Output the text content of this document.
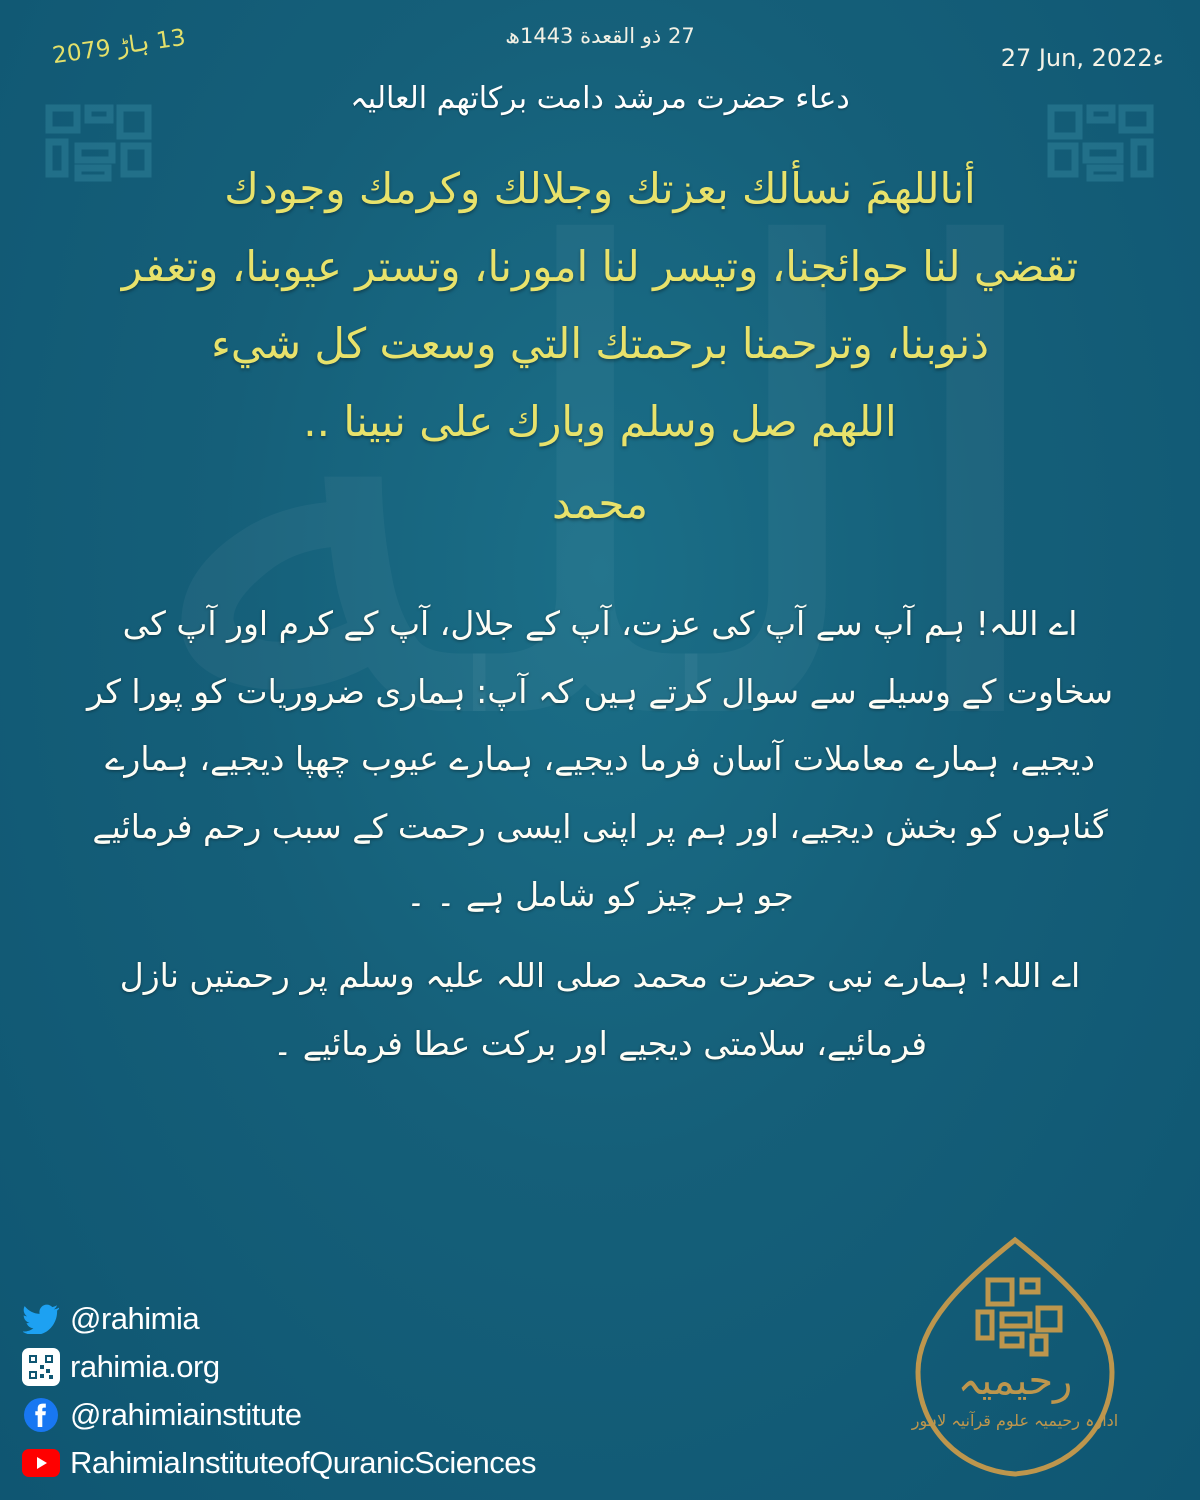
27 ذو القعدة 1443ھ
27 Jun, 2022ء
13 ہاڑ 2079
دعاء حضرت مرشد دامت بركاتهم العالیہ
أن‏اللهمَ نسألك بعزتك وجلالك وكرمك وجودك‏
تقضي لنا حوائجنا، وتيسر لنا امورنا، وتستر عيوبنا، وتغفر
ذنوبنا، وترحمنا برحمتك التي وسعت كل شيء
اللهم صل وسلم وبارك على نبينا ..
محمد

اے اللہ! ہم آپ سے آپ کی عزت، آپ کے جلال، آپ کے کرم اور آپ کی سخاوت کے وسیلے سے سوال کرتے ہیں کہ آپ: ہماری ضروریات کو پورا کر دیجیے، ہمارے معاملات آسان فرما دیجیے، ہمارے عیوب چھپا دیجیے، ہمارے گناہوں کو بخش دیجیے، اور ہم پر اپنی ایسی رحمت کے سبب رحم فرمائیے جو ہر چیز کو شامل ہے ۔ ۔

اے اللہ! ہمارے نبی حضرت محمد صلی اللہ علیہ وسلم پر رحمتیں نازل فرمائیے، سلامتی دیجیے اور بركت عطا فرمائیے ۔

@rahimia
rahimia.org
@rahimiainstitute
RahimiaInstituteofQuranicSciences
رحیمیہ
ادارہ رحیمیہ علوم قرآنیہ لاہور
